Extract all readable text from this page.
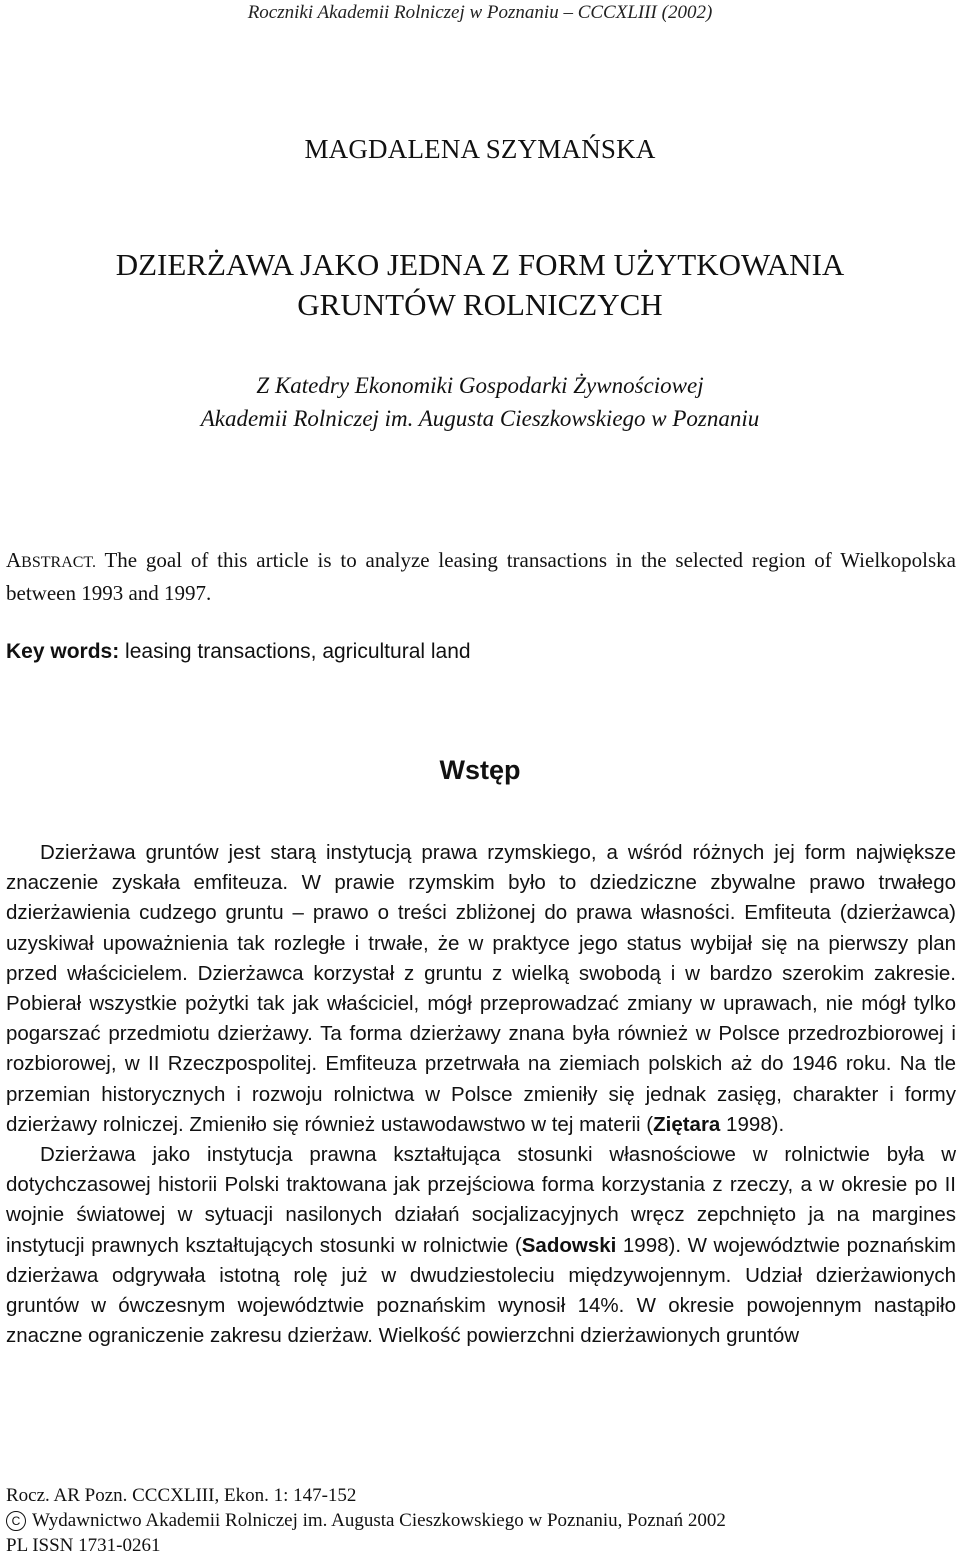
Roczniki Akademii Rolniczej w Poznaniu – CCCXLIII (2002)
MAGDALENA SZYMAŃSKA
DZIERŻAWA JAKO JEDNA Z FORM UŻYTKOWANIA
GRUNTÓW ROLNICZYCH
Z Katedry Ekonomiki Gospodarki Żywnościowej
Akademii Rolniczej im. Augusta Cieszkowskiego w Poznaniu
ABSTRACT. The goal of this article is to analyze leasing transactions in the selected region of Wielkopolska between 1993 and 1997.
Key words: leasing transactions, agricultural land
Wstęp

Dzierżawa gruntów jest starą instytucją prawa rzymskiego, a wśród różnych jej form największe znaczenie zyskała emfiteuza. W prawie rzymskim było to dziedziczne zbywalne prawo trwałego dzierżawienia cudzego gruntu – prawo o treści zbliżonej do prawa własności. Emfiteuta (dzierżawca) uzyskiwał upoważnienia tak rozległe i trwałe, że w praktyce jego status wybijał się na pierwszy plan przed właścicielem. Dzierżawca korzystał z gruntu z wielką swobodą i w bardzo szerokim zakresie. Pobierał wszystkie pożytki tak jak właściciel, mógł przeprowadzać zmiany w uprawach, nie mógł tylko pogarszać przedmiotu dzierżawy. Ta forma dzierżawy znana była również w Polsce przedrozbiorowej i rozbiorowej, w II Rzeczpospolitej. Emfiteuza przetrwała na ziemiach polskich aż do 1946 roku. Na tle przemian historycznych i rozwoju rolnictwa w Polsce zmieniły się jednak zasięg, charakter i formy dzierżawy rolniczej. Zmieniło się również ustawodawstwo w tej materii (Ziętara 1998).

Dzierżawa jako instytucja prawna kształtująca stosunki własnościowe w rolnictwie była w dotychczasowej historii Polski traktowana jak przejściowa forma korzystania z rzeczy, a w okresie po II wojnie światowej w sytuacji nasilonych działań socjalizacyjnych wręcz zepchnięto ja na margines instytucji prawnych kształtujących stosunki w rolnictwie (Sadowski 1998). W województwie poznańskim dzierżawa odgrywała istotną rolę już w dwudziestoleciu międzywojennym. Udział dzierżawionych gruntów w ówczesnym województwie poznańskim wynosił 14%. W okresie powojennym nastąpiło znaczne ograniczenie zakresu dzierżaw. Wielkość powierzchni dzierżawionych gruntów

Rocz. AR Pozn. CCCXLIII, Ekon. 1: 147-152
C Wydawnictwo Akademii Rolniczej im. Augusta Cieszkowskiego w Poznaniu, Poznań 2002
PL ISSN 1731-0261
